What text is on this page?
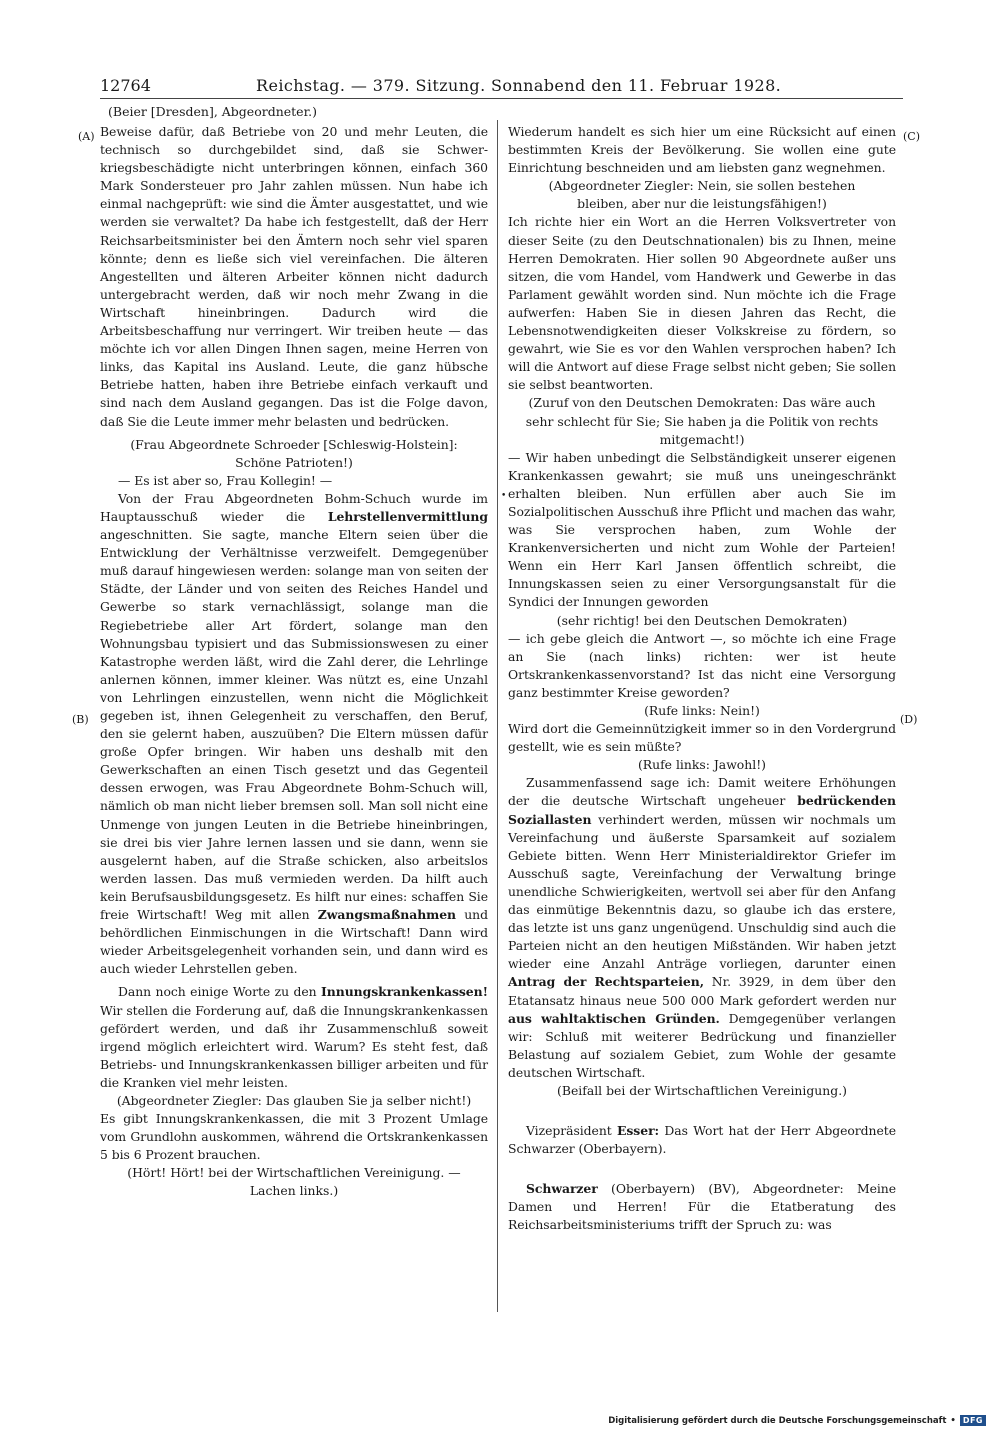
12764	Reichstag. — 379. Sitzung. Sonnabend den 11. Februar 1928.
(Beier [Dresden], Abgeordneter.)
(A)
(B)
(C)
(D)
•

Beweise dafür, daß Betriebe von 20 und mehr Leuten, die technisch so durchgebildet sind, daß sie Schwer-kriegsbeschädigte nicht unterbringen können, einfach 360 Mark Sondersteuer pro Jahr zahlen müssen. Nun habe ich einmal nachgeprüft: wie sind die Ämter ausgestattet, und wie werden sie verwaltet? Da habe ich festgestellt, daß der Herr Reichsarbeitsminister bei den Ämtern noch sehr viel sparen könnte; denn es ließe sich viel vereinfachen. Die älteren Angestellten und älteren Arbeiter können nicht dadurch untergebracht werden, daß wir noch mehr Zwang in die Wirtschaft hineinbringen. Dadurch wird die Arbeitsbeschaffung nur verringert. Wir treiben heute — das möchte ich vor allen Dingen Ihnen sagen, meine Herren von links, das Kapital ins Ausland. Leute, die ganz hübsche Betriebe hatten, haben ihre Betriebe einfach verkauft und sind nach dem Ausland gegangen. Das ist die Folge davon, daß Sie die Leute immer mehr belasten und bedrücken.

(Frau Abgeordnete Schroeder [Schleswig-Holstein]: Schöne Patrioten!)

— Es ist aber so, Frau Kollegin! —

Von der Frau Abgeordneten Bohm-Schuch wurde im Hauptausschuß wieder die Lehrstellenvermittlung angeschnitten. Sie sagte, manche Eltern seien über die Entwicklung der Verhältnisse verzweifelt. Demgegenüber muß darauf hingewiesen werden: solange man von seiten der Städte, der Länder und von seiten des Reiches Handel und Gewerbe so stark vernachlässigt, solange man die Regiebetriebe aller Art fördert, solange man den Wohnungsbau typisiert und das Submissionswesen zu einer Katastrophe werden läßt, wird die Zahl derer, die Lehrlinge anlernen können, immer kleiner. Was nützt es, eine Unzahl von Lehrlingen einzustellen, wenn nicht die Möglichkeit gegeben ist, ihnen Gelegenheit zu verschaffen, den Beruf, den sie gelernt haben, auszuüben? Die Eltern müssen dafür große Opfer bringen. Wir haben uns deshalb mit den Gewerkschaften an einen Tisch gesetzt und das Gegenteil dessen erwogen, was Frau Abgeordnete Bohm-Schuch will, nämlich ob man nicht lieber bremsen soll. Man soll nicht eine Unmenge von jungen Leuten in die Betriebe hineinbringen, sie drei bis vier Jahre lernen lassen und sie dann, wenn sie ausgelernt haben, auf die Straße schicken, also arbeitslos werden lassen. Das muß vermieden werden. Da hilft auch kein Berufsausbildungsgesetz. Es hilft nur eines: schaffen Sie freie Wirtschaft! Weg mit allen Zwangsmaßnahmen und behördlichen Einmischungen in die Wirtschaft! Dann wird wieder Arbeitsgelegenheit vorhanden sein, und dann wird es auch wieder Lehrstellen geben.

Dann noch einige Worte zu den Innungskrankenkassen! Wir stellen die Forderung auf, daß die Innungskrankenkassen gefördert werden, und daß ihr Zusammenschluß soweit irgend möglich erleichtert wird. Warum? Es steht fest, daß Betriebs- und Innungskrankenkassen billiger arbeiten und für die Kranken viel mehr leisten.

(Abgeordneter Ziegler: Das glauben Sie ja selber nicht!)

Es gibt Innungskrankenkassen, die mit 3 Prozent Umlage vom Grundlohn auskommen, während die Ortskrankenkassen 5 bis 6 Prozent brauchen.

(Hört! Hört! bei der Wirtschaftlichen Vereinigung. — Lachen links.)

Wiederum handelt es sich hier um eine Rücksicht auf einen bestimmten Kreis der Bevölkerung. Sie wollen eine gute Einrichtung beschneiden und am liebsten ganz wegnehmen.

(Abgeordneter Ziegler: Nein, sie sollen bestehen bleiben, aber nur die leistungsfähigen!)

Ich richte hier ein Wort an die Herren Volksvertreter von dieser Seite (zu den Deutschnationalen) bis zu Ihnen, meine Herren Demokraten. Hier sollen 90 Abgeordnete außer uns sitzen, die vom Handel, vom Handwerk und Gewerbe in das Parlament gewählt worden sind. Nun möchte ich die Frage aufwerfen: Haben Sie in diesen Jahren das Recht, die Lebensnotwendigkeiten dieser Volkskreise zu fördern, so gewahrt, wie Sie es vor den Wahlen versprochen haben? Ich will die Antwort auf diese Frage selbst nicht geben; Sie sollen sie selbst beantworten.

(Zuruf von den Deutschen Demokraten: Das wäre auch sehr schlecht für Sie; Sie haben ja die Politik von rechts mitgemacht!)

— Wir haben unbedingt die Selbständigkeit unserer eigenen Krankenkassen gewahrt; sie muß uns uneingeschränkt erhalten bleiben. Nun erfüllen aber auch Sie im Sozialpolitischen Ausschuß ihre Pflicht und machen das wahr, was Sie versprochen haben, zum Wohle der Krankenversicherten und nicht zum Wohle der Parteien! Wenn ein Herr Karl Jansen öffentlich schreibt, die Innungskassen seien zu einer Versorgungsanstalt für die Syndici der Innungen geworden

(sehr richtig! bei den Deutschen Demokraten)

— ich gebe gleich die Antwort —, so möchte ich eine Frage an Sie (nach links) richten: wer ist heute Ortskrankenkassenvorstand? Ist das nicht eine Versorgung ganz bestimmter Kreise geworden?

(Rufe links: Nein!)

Wird dort die Gemeinnützigkeit immer so in den Vordergrund gestellt, wie es sein müßte?

(Rufe links: Jawohl!)

Zusammenfassend sage ich: Damit weitere Erhöhungen der die deutsche Wirtschaft ungeheuer bedrückenden Soziallasten verhindert werden, müssen wir nochmals um Vereinfachung und äußerste Sparsamkeit auf sozialem Gebiete bitten. Wenn Herr Ministerialdirektor Griefer im Ausschuß sagte, Vereinfachung der Verwaltung bringe unendliche Schwierigkeiten, wertvoll sei aber für den Anfang das einmütige Bekenntnis dazu, so glaube ich das erstere, das letzte ist uns ganz ungenügend. Unschuldig sind auch die Parteien nicht an den heutigen Mißständen. Wir haben jetzt wieder eine Anzahl Anträge vorliegen, darunter einen Antrag der Rechtsparteien, Nr. 3929, in dem über den Etatansatz hinaus neue 500 000 Mark gefordert werden nur aus wahltaktischen Gründen. Demgegenüber verlangen wir: Schluß mit weiterer Bedrückung und finanzieller Belastung auf sozialem Gebiet, zum Wohle der gesamte deutschen Wirtschaft.

(Beifall bei der Wirtschaftlichen Vereinigung.)

Vizepräsident Esser: Das Wort hat der Herr Abgeordnete Schwarzer (Oberbayern).

Schwarzer (Oberbayern) (BV), Abgeordneter: Meine Damen und Herren! Für die Etatberatung des Reichsarbeitsministeriums trifft der Spruch zu: was

Digitalisierung gefördert durch die Deutsche Forschungsgemeinschaft • DFG
